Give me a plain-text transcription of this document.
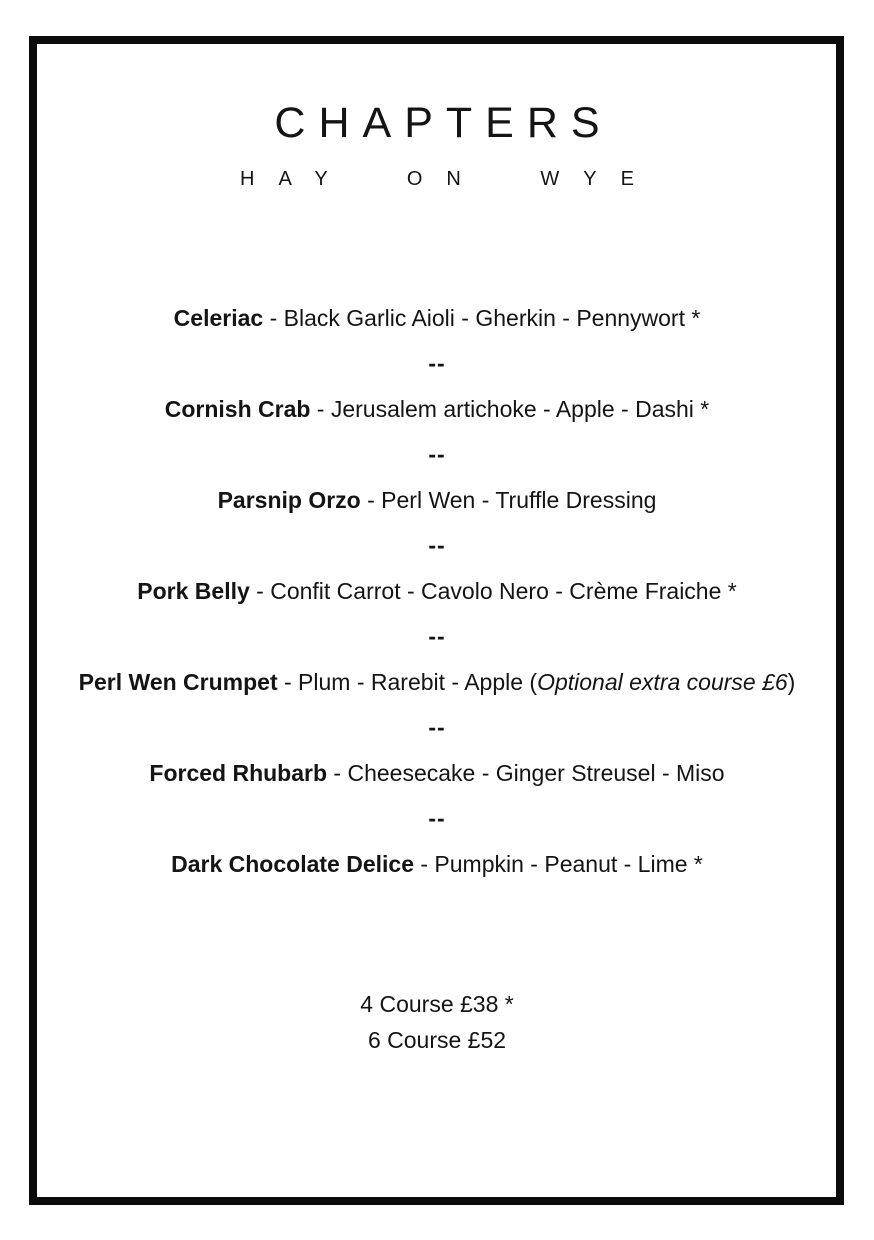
CHAPTERS
HAY ON WYE
Celeriac - Black Garlic Aioli - Gherkin - Pennywort *
--
Cornish Crab - Jerusalem artichoke - Apple - Dashi *
--
Parsnip Orzo - Perl Wen - Truffle Dressing
--
Pork Belly - Confit Carrot - Cavolo Nero - Crème Fraiche *
--
Perl Wen Crumpet - Plum - Rarebit - Apple (Optional extra course £6)
--
Forced Rhubarb - Cheesecake - Ginger Streusel - Miso
--
Dark Chocolate Delice - Pumpkin - Peanut - Lime *
4 Course £38 *
6 Course £52
